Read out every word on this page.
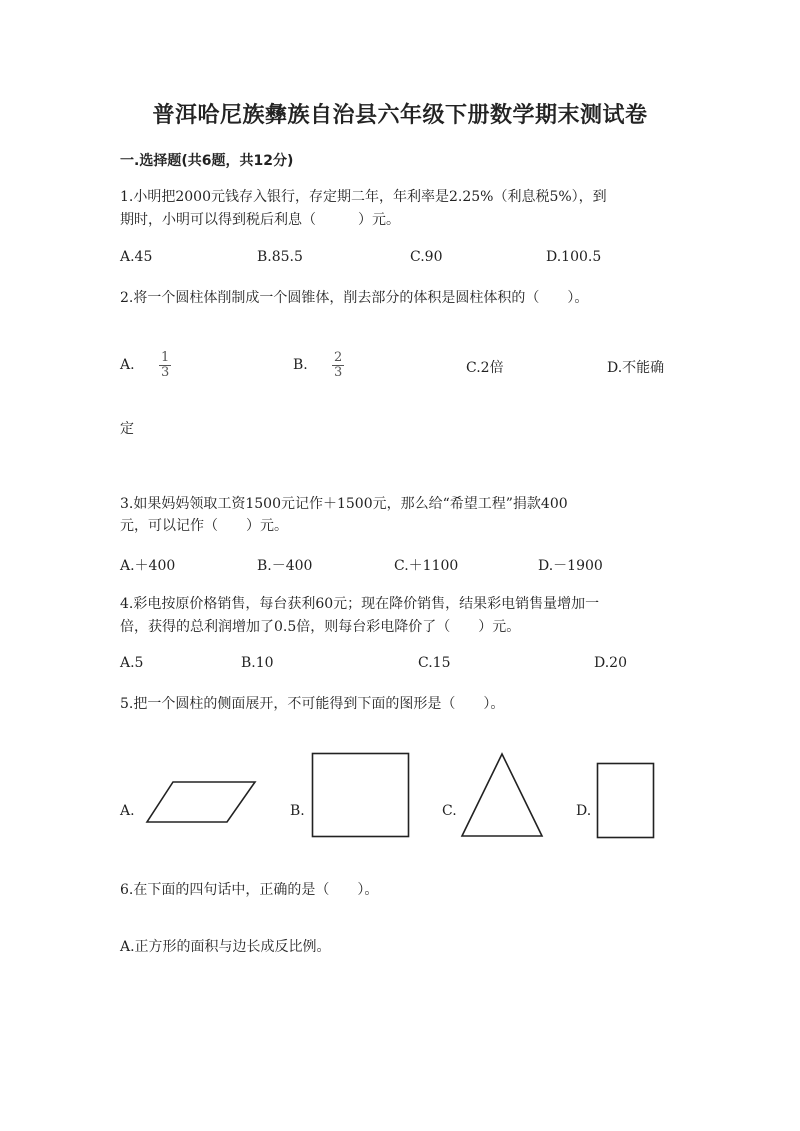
普洱哈尼族彝族自治县六年级下册数学期末测试卷
一.选择题(共6题，共12分)
1.小明把2000元钱存入银行，存定期二年，年利率是2.25%（利息税5%），到
期时，小明可以得到税后利息（　　　）元。
A.45	B.85.5	C.90	D.100.5
2.将一个圆柱体削制成一个圆锥体，削去部分的体积是圆柱体积的（　　）。
A. $\frac{1}{3}$	B. $\frac{2}{3}$	C.2倍	D.不能确
定
3.如果妈妈领取工资1500元记作＋1500元，那么给“希望工程”捐款400
元，可以记作（　　）元。
A.＋400	B.－400	C.＋1100	D.－1900
4.彩电按原价格销售，每台获利60元；现在降价销售，结果彩电销售量增加一
倍，获得的总利润增加了0.5倍，则每台彩电降价了（　　）元。
A.5	B.10	C.15	D.20
5.把一个圆柱的侧面展开，不可能得到下面的图形是（　　）。
A.	B.	C.	D.
6.在下面的四句话中，正确的是（　　）。
A.正方形的面积与边长成反比例。
